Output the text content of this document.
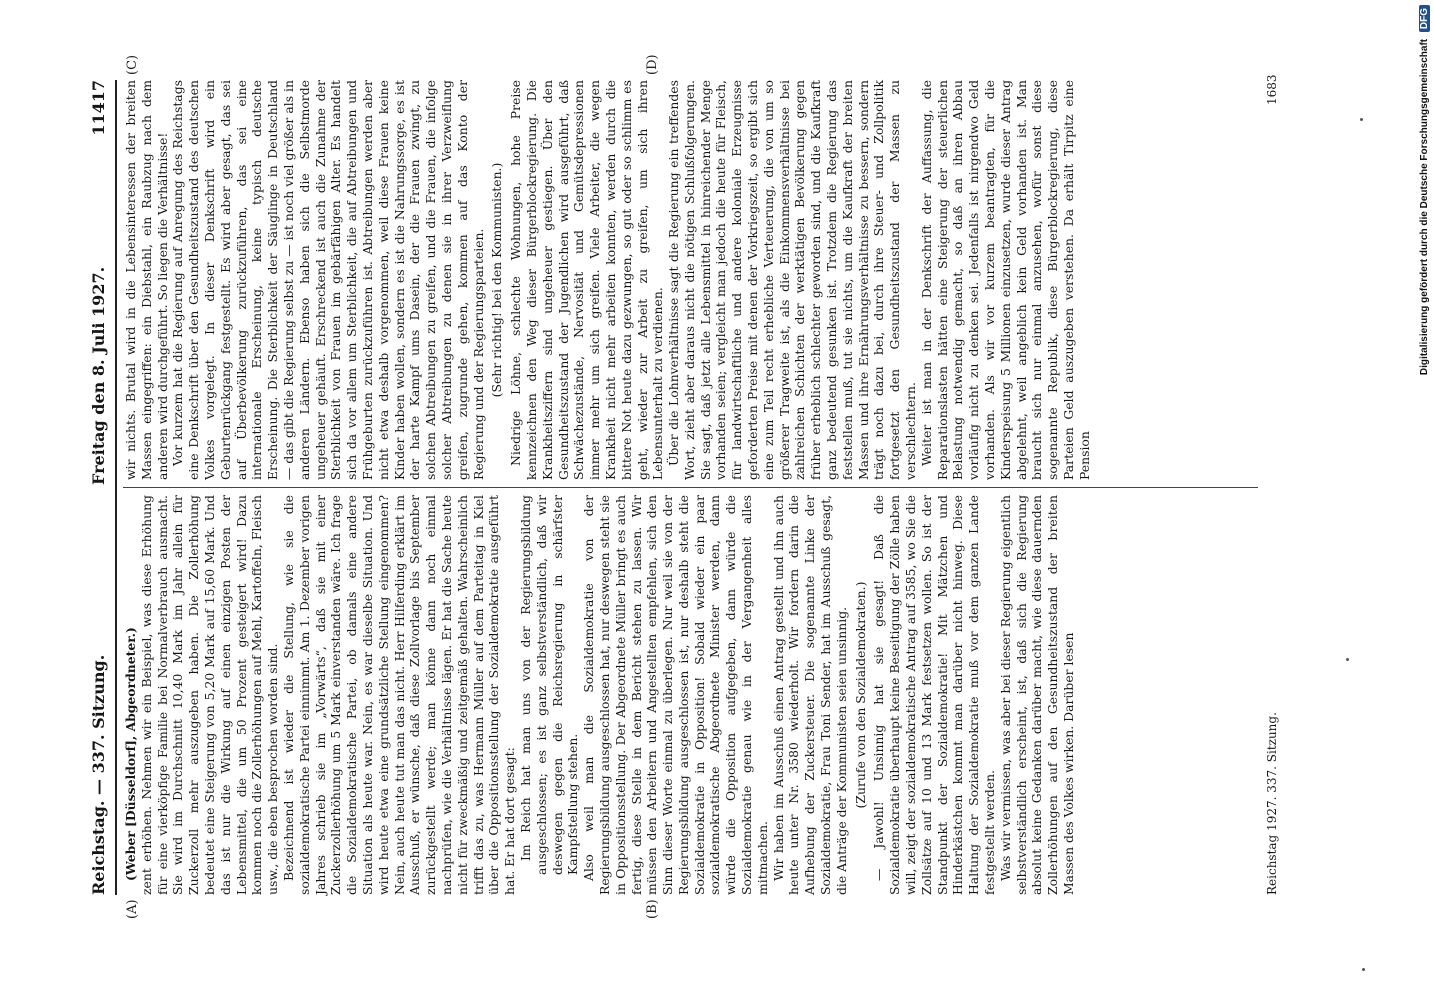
Reichstag. — 337. Sitzung.
Freitag den 8. Juli 1927.
11417
(A)	(B)
(C)	(D)

(Weber [Düsseldorf], Abgeordneter.) zent erhöhen. Nehmen wir ein Beispiel, was diese Erhöhung für eine vierköpfige Familie bei Normalverbrauch ausmacht. Sie wird im Durchschnitt 10,40 Mark im Jahr allein für Zuckerzoll mehr auszugeben haben. Die Zollerhöhung bedeutet eine Steigerung von 5,20 Mark auf 15,60 Mark. Und das ist nur die Wirkung auf einen einzigen Posten der Lebensmittel, die um 50 Prozent gesteigert wird! Dazu kommen noch die Zollerhöhungen auf Mehl, Kartoffeln, Fleisch usw., die eben besprochen worden sind. Bezeichnend ist wieder die Stellung, wie sie die sozialdemokratische Partei einnimmt. Am 1. Dezember vorigen Jahres schrieb sie im „Vorwärts“, daß sie mit einer Zuckerzollerhöhung um 5 Mark einverstanden wäre. Ich frage die Sozialdemokratische Partei, ob damals eine andere Situation als heute war. Nein, es war dieselbe Situation. Und wird heute etwa eine grundsätzliche Stellung eingenommen? Nein, auch heute tut man das nicht. Herr Hilferding erklärt im Ausschuß, er wünsche, daß diese Zollvorlage bis September zurückgestellt werde; man könne dann noch einmal nachprüfen, wie die Verhältnisse lägen. Er hat die Sache heute nicht für zweckmäßig und zeitgemäß gehalten. Wahrscheinlich trifft das zu, was Hermann Müller auf dem Parteitag in Kiel über die Oppositionsstellung der Sozialdemokratie ausgeführt hat. Er hat dort gesagt: Im Reich hat man uns von der Regierungsbildung ausgeschlossen; es ist ganz selbstverständlich, daß wir deswegen gegen die Reichsregierung in schärfster Kampfstellung stehen. Also weil man die Sozialdemokratie von der Regierungsbildung ausgeschlossen hat, nur deswegen steht sie in Oppositionsstellung. Der Abgeordnete Müller bringt es auch fertig, diese Stelle in dem Bericht stehen zu lassen. Wir müssen den Arbeitern und Angestellten empfehlen, sich den Sinn dieser Worte einmal zu überlegen. Nur weil sie von der Regierungsbildung ausgeschlossen ist, nur deshalb steht die Sozialdemokratie in Opposition! Sobald wieder ein paar sozialdemokratische Abgeordnete Minister werden, dann würde die Opposition aufgegeben, dann würde die Sozialdemokratie genau wie in der Vergangenheit alles mitmachen. Wir haben im Ausschuß einen Antrag gestellt und ihn auch heute unter Nr. 3580 wiederholt. Wir fordern darin die Aufhebung der Zuckersteuer. Die sogenannte Linke der Sozialdemokratie, Frau Toni Sender, hat im Ausschuß gesagt, die Anträge der Kommunisten seien unsinnig. (Zurufe von den Sozialdemokraten.) — Jawohl! Unsinnig hat sie gesagt! Daß die Sozialdemokratie überhaupt keine Beseitigung der Zölle haben will, zeigt der sozialdemokratische Antrag auf 3585, wo Sie die Zollsätze auf 10 und 13 Mark festsetzen wollen. So ist der Standpunkt der Sozialdemokratie! Mit Mätzchen und Hinderkästchen kommt man darüber nicht hinweg. Diese Haltung der Sozialdemokratie muß vor dem ganzen Lande festgestellt werden. Was wir vermissen, was aber bei dieser Regierung eigentlich selbstverständlich erscheint, ist, daß sich die Regierung absolut keine Gedanken darüber macht, wie diese dauernden Zollerhöhungen auf den Gesundheitszustand der breiten Massen des Volkes wirken. Darüber lesen

wir nichts. Brutal wird in die Lebensinteressen der breiten Massen eingegriffen: ein Diebstahl, ein Raubzug nach dem anderen wird durchgeführt. So liegen die Verhältnisse! Vor kurzem hat die Regierung auf Anregung des Reichstags eine Denkschrift über den Gesundheitszustand des deutschen Volkes vorgelegt. In dieser Denkschrift wird ein Geburtenrückgang festgestellt. Es wird aber gesagt, das sei auf Überbevölkerung zurückzuführen, das sei eine internationale Erscheinung, keine typisch deutsche Erscheinung. Die Sterblichkeit der Säuglinge in Deutschland — das gibt die Regierung selbst zu — ist noch viel größer als in anderen Ländern. Ebenso haben sich die Selbstmorde ungeheuer gehäuft. Erschreckend ist auch die Zunahme der Sterblichkeit von Frauen im gebärfähigen Alter. Es handelt sich da vor allem um Sterblichkeit, die auf Abtreibungen und Frühgeburten zurückzuführen ist. Abtreibungen werden aber nicht etwa deshalb vorgenommen, weil diese Frauen keine Kinder haben wollen, sondern es ist die Nahrungssorge, es ist der harte Kampf ums Dasein, der die Frauen zwingt, zu solchen Abtreibungen zu greifen, und die Frauen, die infolge solcher Abtreibungen zu denen sie in ihrer Verzweiflung greifen, zugrunde gehen, kommen auf das Konto der Regierung und der Regierungsparteien. (Sehr richtig! bei den Kommunisten.) Niedrige Löhne, schlechte Wohnungen, hohe Preise kennzeichnen den Weg dieser Bürgerblockregierung. Die Krankheitsziffern sind ungeheuer gestiegen. Über den Gesundheitszustand der Jugendlichen wird ausgeführt, daß Schwächezustände, Nervosität und Gemütsdepressionen immer mehr um sich greifen. Viele Arbeiter, die wegen Krankheit nicht mehr arbeiten konnten, werden durch die bittere Not heute dazu gezwungen, so gut oder so schlimm es geht, wieder zur Arbeit zu greifen, um sich ihren Lebensunterhalt zu verdienen. Über die Lohnverhältnisse sagt die Regierung ein treffendes Wort, zieht aber daraus nicht die nötigen Schlußfolgerungen. Sie sagt, daß jetzt alle Lebensmittel in hinreichender Menge vorhanden seien; vergleicht man jedoch die heute für Fleisch, für landwirtschaftliche und andere koloniale Erzeugnisse geforderten Preise mit denen der Vorkriegszeit, so ergibt sich eine zum Teil recht erhebliche Verteuerung, die von um so größerer Tragweite ist, als die Einkommensverhältnisse bei zahlreichen Schichten der werktätigen Bevölkerung gegen früher erheblich schlechter geworden sind, und die Kaufkraft ganz bedeutend gesunken ist. Trotzdem die Regierung das feststellen muß, tut sie nichts, um die Kaufkraft der breiten Massen und ihre Ernährungsverhältnisse zu bessern, sondern trägt noch dazu bei, durch ihre Steuer- und Zollpolitik fortgesetzt den Gesundheitszustand der Massen zu verschlechtern. Weiter ist man in der Denkschrift der Auffassung, die Reparationslasten hätten eine Steigerung der steuerlichen Belastung notwendig gemacht, so daß an ihren Abbau vorläufig nicht zu denken sei. Jedenfalls ist nirgendwo Geld vorhanden. Als wir vor kurzem beantragten, für die Kinderspeisung 5 Millionen einzusetzen, wurde dieser Antrag abgelehnt, weil angeblich kein Geld vorhanden ist. Man braucht sich nur einmal anzusehen, wofür sonst diese sogenannte Republik, diese Bürgerblockregierung, diese Parteien Geld auszugeben verstehen. Da erhält Tirpitz eine Pension

Reichstag 1927. 337. Sitzung.
1683	Digitalisierung gefördert durch die Deutsche Forschungsgemeinschaft DFG
